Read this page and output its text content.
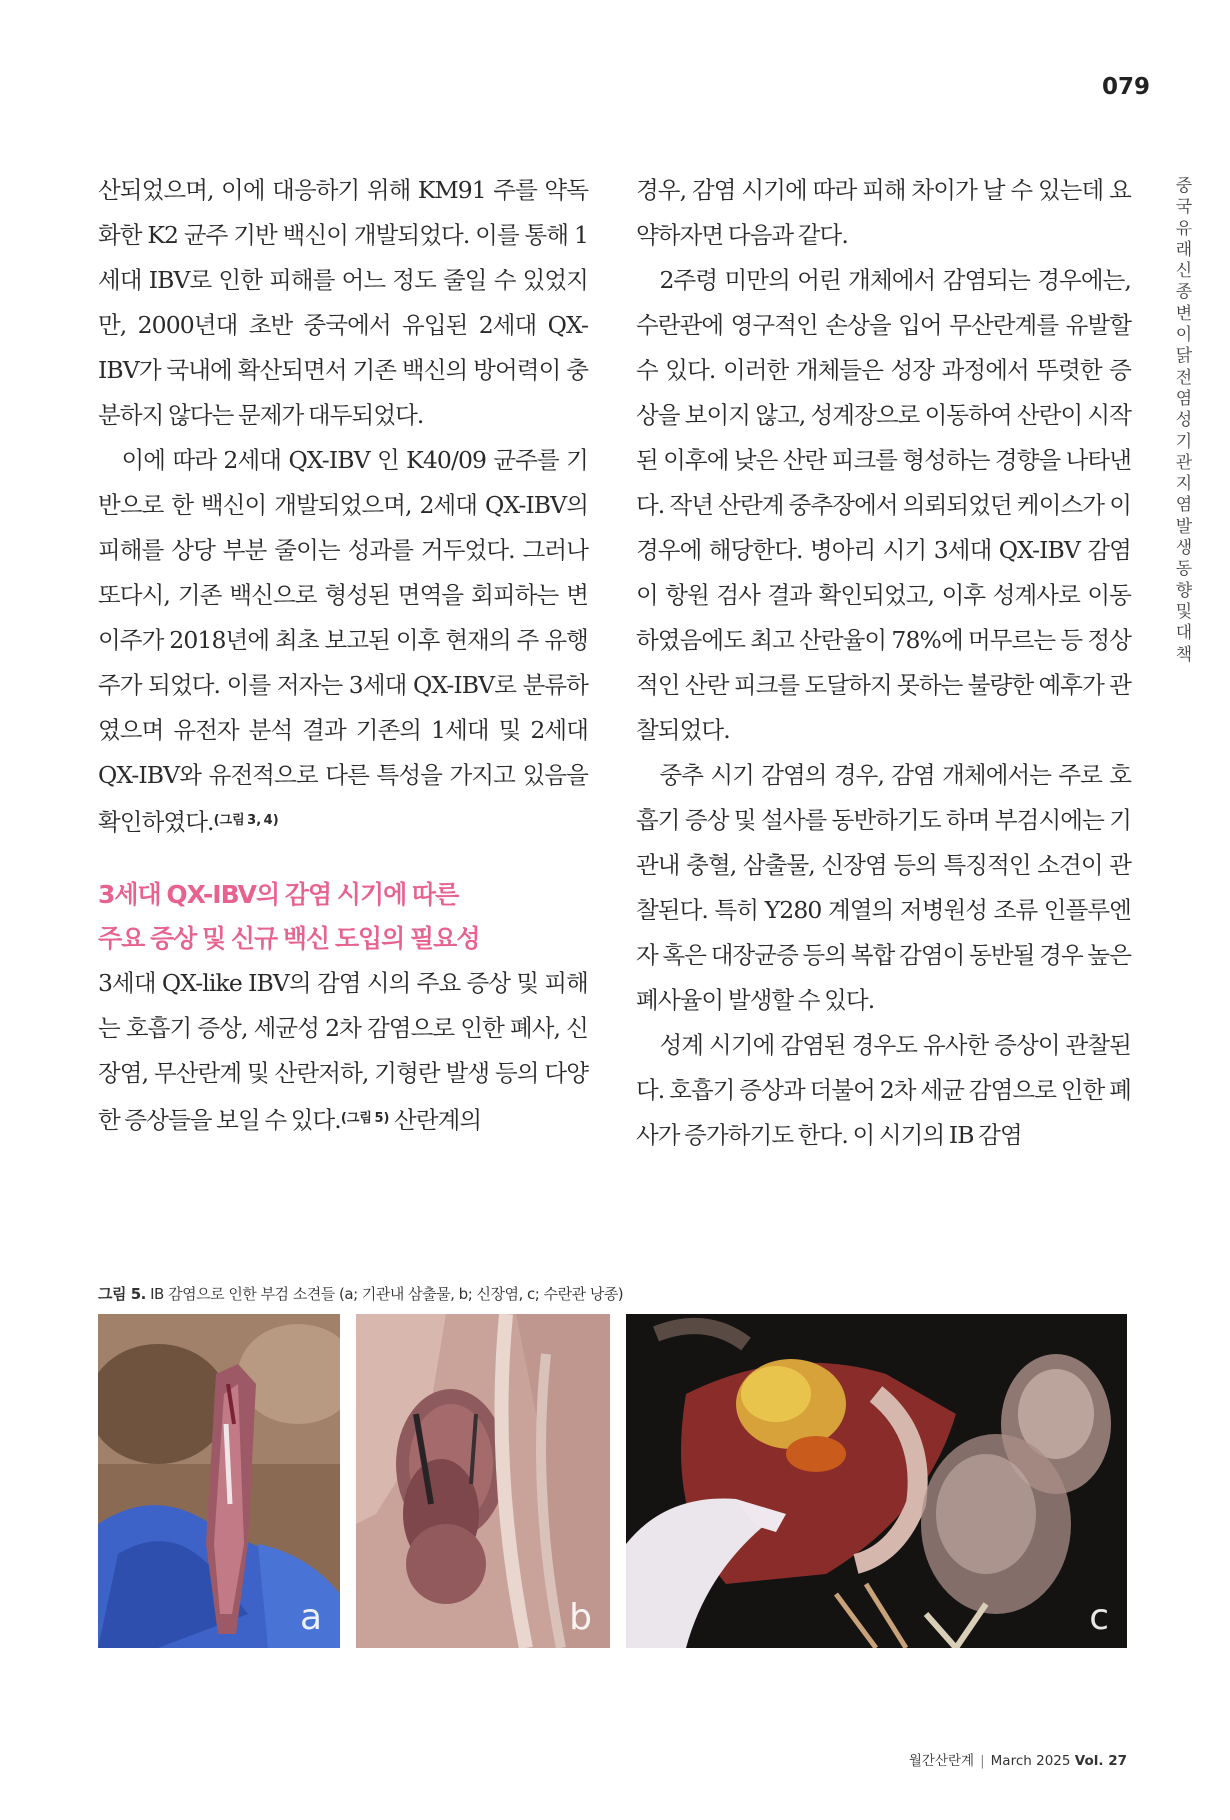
079
중국유래 신종변이 닭전염성기관지염 발생 동향 및 대책

산되었으며, 이에 대응하기 위해 KM91 주를 약독화한 K2 균주 기반 백신이 개발되었다. 이를 통해 1세대 IBV로 인한 피해를 어느 정도 줄일 수 있었지만, 2000년대 초반 중국에서 유입된 2세대 QX-IBV가 국내에 확산되면서 기존 백신의 방어력이 충분하지 않다는 문제가 대두되었다.

이에 따라 2세대 QX-IBV 인 K40/09 균주를 기반으로 한 백신이 개발되었으며, 2세대 QX-IBV의 피해를 상당 부분 줄이는 성과를 거두었다. 그러나 또다시, 기존 백신으로 형성된 면역을 회피하는 변이주가 2018년에 최초 보고된 이후 현재의 주 유행주가 되었다. 이를 저자는 3세대 QX-IBV로 분류하였으며 유전자 분석 결과 기존의 1세대 및 2세대 QX-IBV와 유전적으로 다른 특성을 가지고 있음을 확인하였다.$^{(그림 3, 4)}$

3세대 QX-IBV의 감염 시기에 따른
주요 증상 및 신규 백신 도입의 필요성

3세대 QX-like IBV의 감염 시의 주요 증상 및 피해는 호흡기 증상, 세균성 2차 감염으로 인한 폐사, 신장염, 무산란계 및 산란저하, 기형란 발생 등의 다양한 증상들을 보일 수 있다.$^{(그림 5)}$ 산란계의

경우, 감염 시기에 따라 피해 차이가 날 수 있는데 요약하자면 다음과 같다.

2주령 미만의 어린 개체에서 감염되는 경우에는, 수란관에 영구적인 손상을 입어 무산란계를 유발할 수 있다. 이러한 개체들은 성장 과정에서 뚜렷한 증상을 보이지 않고, 성계장으로 이동하여 산란이 시작된 이후에 낮은 산란 피크를 형성하는 경향을 나타낸다. 작년 산란계 중추장에서 의뢰되었던 케이스가 이 경우에 해당한다. 병아리 시기 3세대 QX-IBV 감염이 항원 검사 결과 확인되었고, 이후 성계사로 이동하였음에도 최고 산란율이 78%에 머무르는 등 정상적인 산란 피크를 도달하지 못하는 불량한 예후가 관찰되었다.

중추 시기 감염의 경우, 감염 개체에서는 주로 호흡기 증상 및 설사를 동반하기도 하며 부검시에는 기관내 충혈, 삼출물, 신장염 등의 특징적인 소견이 관찰된다. 특히 Y280 계열의 저병원성 조류 인플루엔자 혹은 대장균증 등의 복합 감염이 동반될 경우 높은 폐사율이 발생할 수 있다.

성계 시기에 감염된 경우도 유사한 증상이 관찰된다. 호흡기 증상과 더불어 2차 세균 감염으로 인한 폐사가 증가하기도 한다. 이 시기의 IB 감염

그림 5. IB 감염으로 인한 부검 소견들 (a; 기관내 삼출물, b; 신장염, c; 수란관 낭종)
a	b	c
월간산란계 | March 2025 Vol. 27
